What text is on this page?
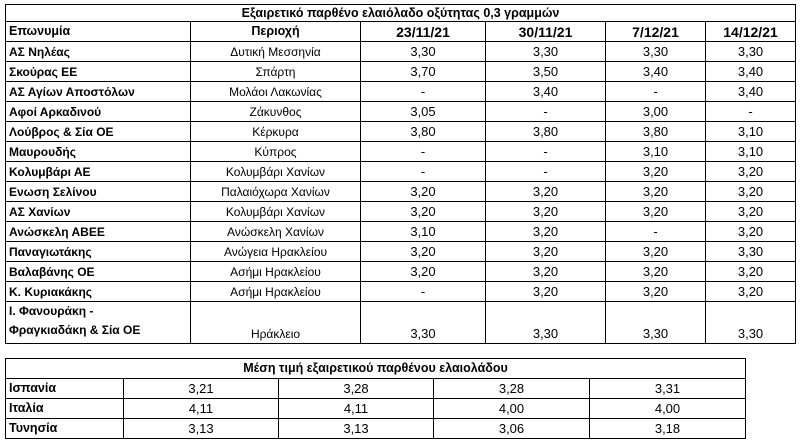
Εξαιρετικό παρθένο ελαιόλαδο οξύτητας 0,3 γραμμών					
Επωνυμία	Περιοχή	23/11/21	30/11/21	7/12/21	14/12/21
ΑΣ Νηλέας	Δυτική Μεσσηνία	3,30	3,30	3,30	3,30
Σκούρας ΕΕ	Σπάρτη	3,70	3,50	3,40	3,40
ΑΣ Αγίων Αποστόλων	Μολάοι Λακωνίας	-	3,40	-	3,40
Αφοί Αρκαδινού	Ζάκυνθος	3,05	-	3,00	-
Λούβρος & Σία ΟΕ	Κέρκυρα	3,80	3,80	3,80	3,10
Μαυρουδής	Κύπρος	-	-	3,10	3,10
Κολυμβάρι ΑΕ	Κολυμβάρι Χανίων	-	-	3,20	3,20
Ενωση Σελίνου	Παλαιόχωρα Χανίων	3,20	3,20	3,20	3,20
ΑΣ Χανίων	Κολυμβάρι Χανίων	3,20	3,20	3,20	3,20
Ανώσκελη ΑΒΕΕ	Ανώσκελη Χανίων	3,10	3,20	-	3,20
Παναγιωτάκης	Ανώγεια Ηρακλείου	3,20	3,20	3,20	3,30
Βαλαβάνης ΟΕ	Ασήμι Ηρακλείου	3,20	3,20	3,20	3,20
Κ. Κυριακάκης	Ασήμι Ηρακλείου	-	3,20	3,20	3,20
Ι. Φανουράκη -
Φραγκιαδάκη & Σία ΟΕ	Ηράκλειο	3,30	3,30	3,30	3,30
Μέση τιμή εξαιρετικού παρθένου ελαιολάδου				
Ισπανία	3,21	3,28	3,28	3,31
Ιταλία	4,11	4,11	4,00	4,00
Τυνησία	3,13	3,13	3,06	3,18
